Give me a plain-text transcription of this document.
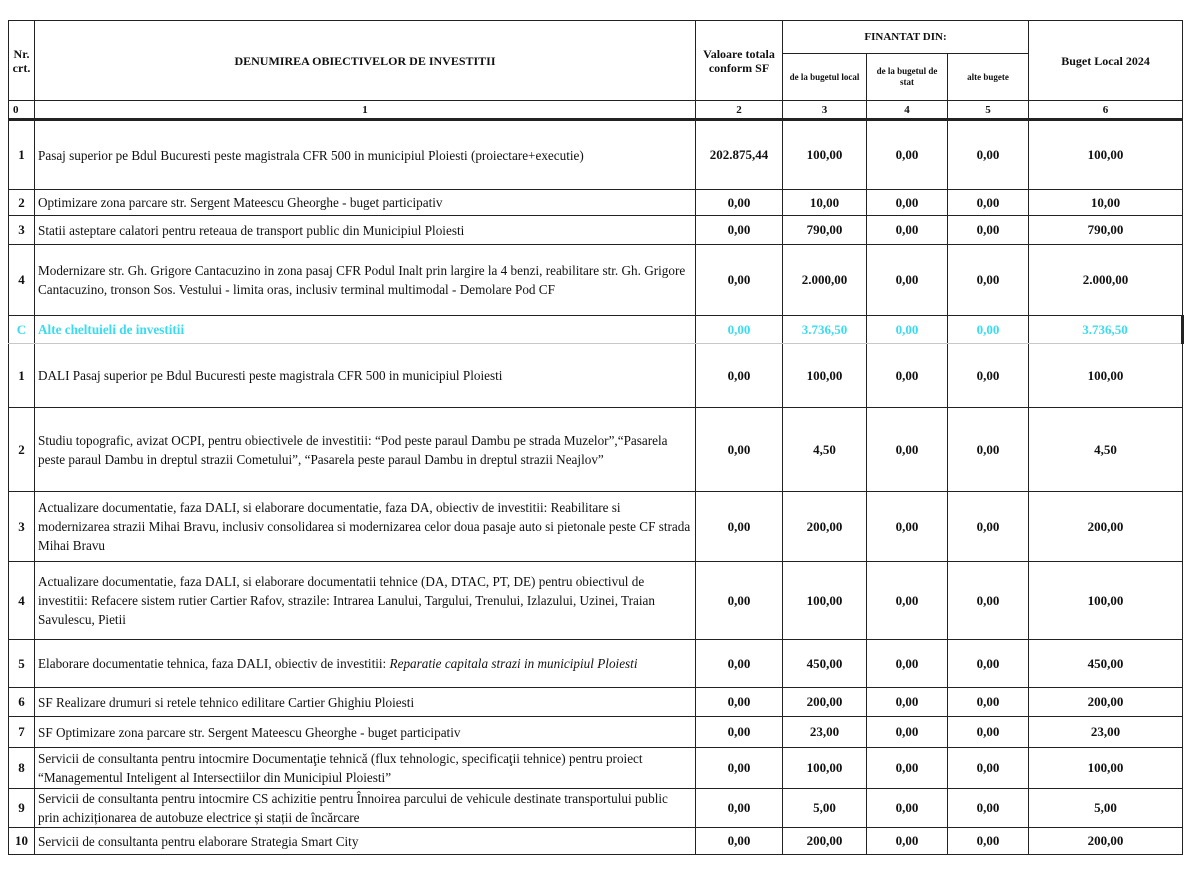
Nr. crt.	DENUMIREA OBIECTIVELOR DE INVESTITII	Valoare totala conform SF	FINANTAT DIN:			Buget Local 2024
			de la bugetul local	de la bugetul de stat	alte bugete	
0	1	2	3	4	5	6
1	Pasaj superior pe Bdul Bucuresti peste magistrala CFR 500 in municipiul Ploiesti (proiectare+executie)	202.875,44	100,00	0,00	0,00	100,00
2	Optimizare zona parcare str. Sergent Mateescu Gheorghe - buget participativ	0,00	10,00	0,00	0,00	10,00
3	Statii asteptare calatori pentru reteaua de transport public din Municipiul Ploiesti	0,00	790,00	0,00	0,00	790,00
4	Modernizare str. Gh. Grigore Cantacuzino in zona pasaj CFR Podul Inalt prin largire la 4 benzi, reabilitare str. Gh. Grigore Cantacuzino, tronson Sos. Vestului - limita oras, inclusiv terminal multimodal - Demolare Pod CF	0,00	2.000,00	0,00	0,00	2.000,00
C	Alte cheltuieli de investitii	0,00	3.736,50	0,00	0,00	3.736,50
1	DALI Pasaj superior pe Bdul Bucuresti peste magistrala CFR 500 in municipiul Ploiesti	0,00	100,00	0,00	0,00	100,00
2	Studiu topografic, avizat OCPI, pentru obiectivele de investitii: “Pod peste paraul Dambu pe strada Muzelor”,“Pasarela peste paraul Dambu in dreptul strazii Cometului”, “Pasarela peste paraul Dambu in dreptul strazii Neajlov”	0,00	4,50	0,00	0,00	4,50
3	Actualizare documentatie, faza DALI, si elaborare documentatie, faza DA, obiectiv de investitii: Reabilitare si modernizarea strazii Mihai Bravu, inclusiv consolidarea si modernizarea celor doua pasaje auto si pietonale peste CF strada Mihai Bravu	0,00	200,00	0,00	0,00	200,00
4	Actualizare documentatie, faza DALI, si elaborare documentatii tehnice (DA, DTAC, PT, DE) pentru obiectivul de investitii: Refacere sistem rutier Cartier Rafov, strazile: Intrarea Lanului, Targului, Trenului, Izlazului, Uzinei, Traian Savulescu, Pietii	0,00	100,00	0,00	0,00	100,00
5	Elaborare documentatie tehnica, faza DALI, obiectiv de investitii: Reparatie capitala strazi in municipiul Ploiesti	0,00	450,00	0,00	0,00	450,00
6	SF Realizare drumuri si retele tehnico edilitare Cartier Ghighiu Ploiesti	0,00	200,00	0,00	0,00	200,00
7	SF Optimizare zona parcare str. Sergent Mateescu Gheorghe - buget participativ	0,00	23,00	0,00	0,00	23,00
8	Servicii de consultanta pentru intocmire Documentaţie tehnică (flux tehnologic, specificaţii tehnice) pentru proiect “Managementul Inteligent al Intersectiilor din Municipiul Ploiesti”	0,00	100,00	0,00	0,00	100,00
9	Servicii de consultanta pentru intocmire CS achizitie pentru Înnoirea parcului de vehicule destinate transportului public prin achiziționarea de autobuze electrice și stații de încărcare	0,00	5,00	0,00	0,00	5,00
10	Servicii de consultanta pentru elaborare Strategia Smart City	0,00	200,00	0,00	0,00	200,00
